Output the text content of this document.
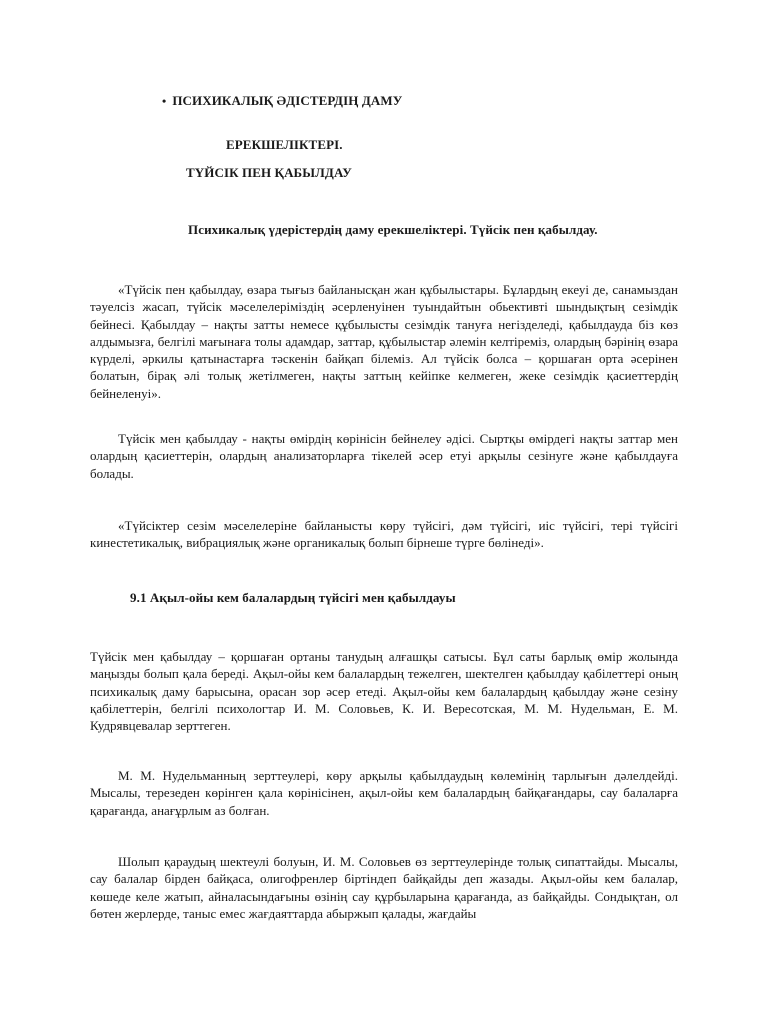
• ПСИХИКАЛЫҚ ӘДІСТЕРДІҢ ДАМУ
ЕРЕКШЕЛІКТЕРІ.
ТҮЙСІК ПЕН ҚАБЫЛДАУ
Психикалық үдерістердің даму ерекшеліктері. Түйсік пен қабылдау.
«Түйсік пен қабылдау, өзара тығыз байланысқан жан құбылыстары. Бұлардың екеуі де, санамыздан тәуелсіз жасап, түйсік мәселелеріміздің әсерленуінен туындайтын обьективті шындықтың сезімдік бейнесі. Қабылдау – нақты затты немесе құбылысты сезімдік тануға негізделеді, қабылдауда біз көз алдымызға, белгілі мағынаға толы адамдар, заттар, құбылыстар әлемін келтіреміз, олардың бәрінің өзара күрделі, әркилы қатынастарға тәскенін байқап білеміз. Ал түйсік болса – қоршаған орта әсерінен болатын, бірақ әлі толық жетілмеген, нақты заттың кейіпке келмеген, жеке сезімдік қасиеттердің бейнеленуі».
Түйсік мен қабылдау - нақты өмірдің көрінісін бейнелеу әдісі. Сыртқы өмірдегі нақты заттар мен олардың қасиеттерін, олардың анализаторларға тікелей әсер етуі арқылы сезінуге және қабылдауға болады.
«Түйсіктер сезім мәселелеріне байланысты көру түйсігі, дәм түйсігі, иіс түйсігі, тері түйсігі кинестетикалық, вибрациялық және органикалық болып бірнеше түрге бөлінеді».
9.1 Ақыл-ойы кем балалардың түйсігі мен қабылдауы
Түйсік мен қабылдау – қоршаған ортаны танудың алғашқы сатысы. Бұл саты барлық өмір жолында маңызды болып қала береді. Ақыл-ойы кем балалардың тежелген, шектелген қабылдау қабілеттері оның психикалық даму барысына, орасан зор әсер етеді. Ақыл-ойы кем балалардың қабылдау және сезіну қабілеттерін, белгілі психологтар И. М. Соловьев, К. И. Вересотская, М. М. Нудельман, Е. М. Кудрявцевалар зерттеген.
М. М. Нудельманның зерттеулері, көру арқылы қабылдаудың көлемінің тарлығын дәлелдейді. Мысалы, терезеден көрінген қала көрінісінен, ақыл-ойы кем балалардың байқағандары, сау балаларға қарағанда, анағұрлым аз болған.
Шолып қараудың шектеулі болуын, И. М. Соловьев өз зерттеулерінде толық сипаттайды. Мысалы, сау балалар бірден байқаса, олигофренлер біртіндеп байқайды деп жазады. Ақыл-ойы кем балалар, көшеде келе жатып, айналасындағыны өзінің сау құрбыларына қарағанда, аз байқайды. Сондықтан, ол бөтен жерлерде, таныс емес жағдаяттарда абыржып қалады, жағдайы
